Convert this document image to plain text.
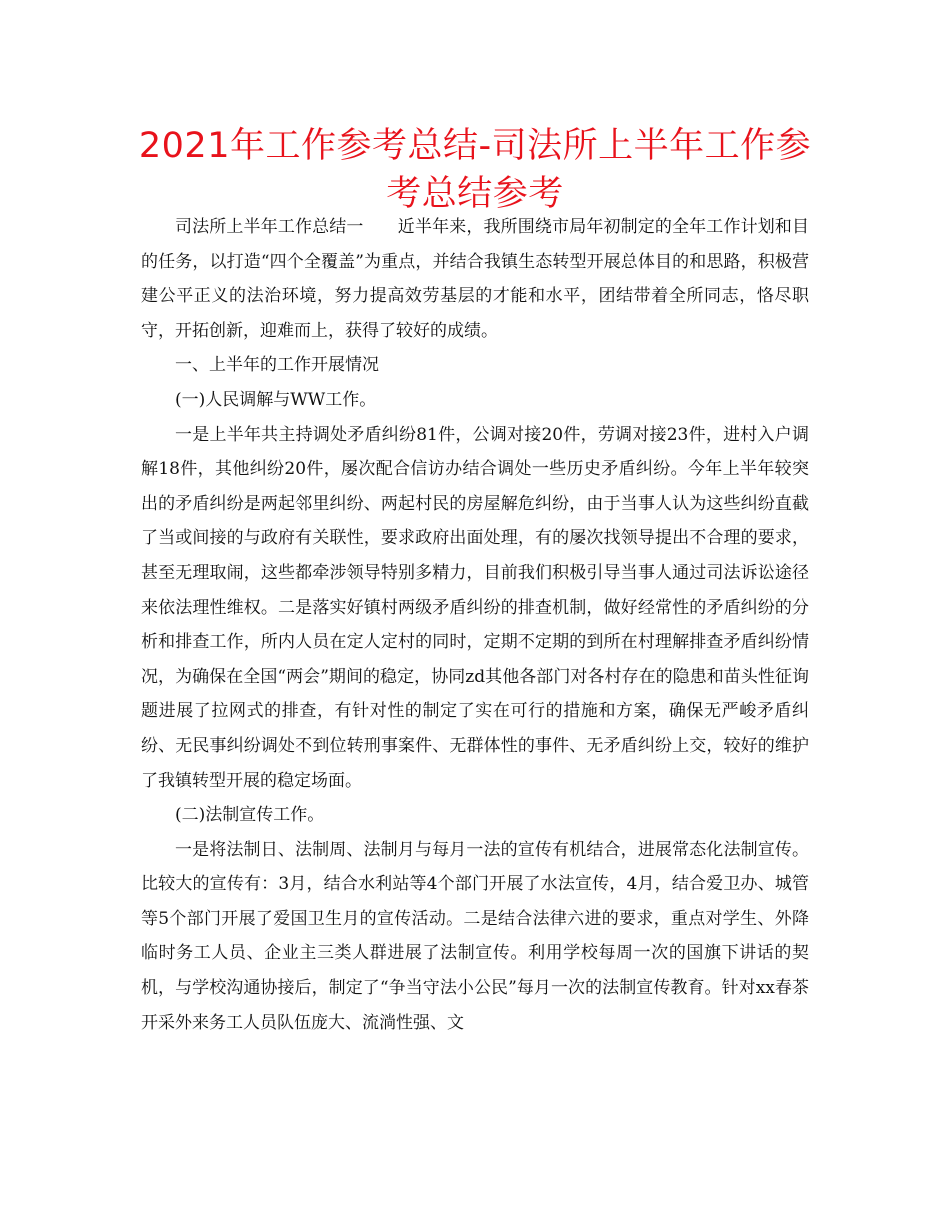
2021年工作参考总结-司法所上半年工作参考总结参考

司法所上半年工作总结一　　近半年来，我所围绕市局年初制定的全年工作计划和目的任务，以打造“四个全覆盖”为重点，并结合我镇生态转型开展总体目的和思路，积极营建公平正义的法治环境，努力提高效劳基层的才能和水平，团结带着全所同志，恪尽职守，开拓创新，迎难而上，获得了较好的成绩。

一、上半年的工作开展情况

(一)人民调解与WW工作。

一是上半年共主持调处矛盾纠纷81件，公调对接20件，劳调对接23件，进村入户调解18件，其他纠纷20件，屡次配合信访办结合调处一些历史矛盾纠纷。今年上半年较突出的矛盾纠纷是两起邻里纠纷、两起村民的房屋解危纠纷，由于当事人认为这些纠纷直截了当或间接的与政府有关联性，要求政府出面处理，有的屡次找领导提出不合理的要求，甚至无理取闹，这些都牵涉领导特别多精力，目前我们积极引导当事人通过司法诉讼途径来依法理性维权。二是落实好镇村两级矛盾纠纷的排查机制，做好经常性的矛盾纠纷的分析和排查工作，所内人员在定人定村的同时，定期不定期的到所在村理解排查矛盾纠纷情况，为确保在全国“两会”期间的稳定，协同zd其他各部门对各村存在的隐患和苗头性征询题进展了拉网式的排查，有针对性的制定了实在可行的措施和方案，确保无严峻矛盾纠纷、无民事纠纷调处不到位转刑事案件、无群体性的事件、无矛盾纠纷上交，较好的维护了我镇转型开展的稳定场面。

(二)法制宣传工作。

一是将法制日、法制周、法制月与每月一法的宣传有机结合，进展常态化法制宣传。比较大的宣传有：3月，结合水利站等4个部门开展了水法宣传，4月，结合爱卫办、城管等5个部门开展了爱国卫生月的宣传活动。二是结合法律六进的要求，重点对学生、外降临时务工人员、企业主三类人群进展了法制宣传。利用学校每周一次的国旗下讲话的契机，与学校沟通协接后，制定了“争当守法小公民”每月一次的法制宣传教育。针对xx春茶开采外来务工人员队伍庞大、流淌性强、文
